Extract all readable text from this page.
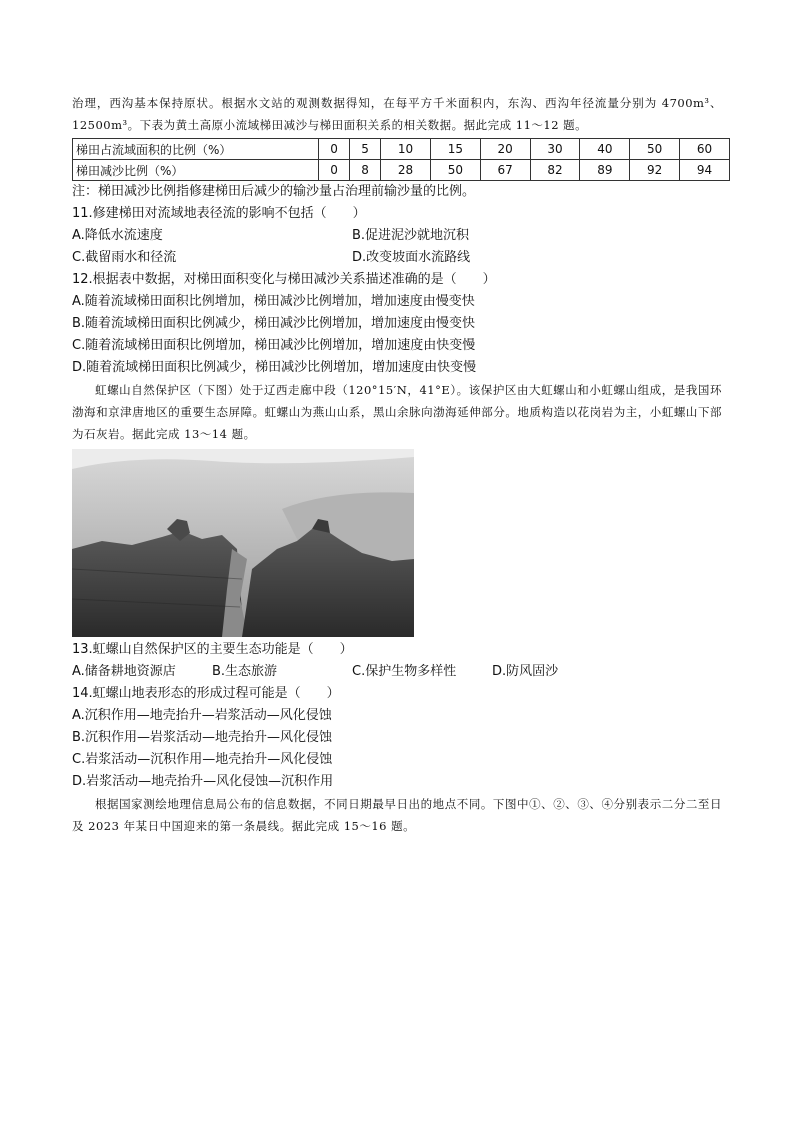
治理，西沟基本保持原状。根据水文站的观测数据得知，在每平方千米面积内，东沟、西沟年径流量分别为 4700m³、12500m³。下表为黄土高原小流域梯田减沙与梯田面积关系的相关数据。据此完成 11～12 题。
梯田占流域面积的比例（%）	0	5	10	15	20	30	40	50	60
梯田减沙比例（%）	0	8	28	50	67	82	89	92	94
注：梯田减沙比例指修建梯田后减少的输沙量占治理前输沙量的比例。
11.修建梯田对流域地表径流的影响不包括（　　）
A.降低水流速度	B.促进泥沙就地沉积
C.截留雨水和径流	D.改变坡面水流路线
12.根据表中数据，对梯田面积变化与梯田减沙关系描述准确的是（　　）
A.随着流域梯田面积比例增加，梯田减沙比例增加，增加速度由慢变快
B.随着流域梯田面积比例减少，梯田减沙比例增加，增加速度由慢变快
C.随着流域梯田面积比例增加，梯田减沙比例增加，增加速度由快变慢
D.随着流域梯田面积比例减少，梯田减沙比例增加，增加速度由快变慢
虹螺山自然保护区（下图）处于辽西走廊中段（120°15′N，41°E）。该保护区由大虹螺山和小虹螺山组成，是我国环渤海和京津唐地区的重要生态屏障。虹螺山为燕山山系，黑山余脉向渤海延伸部分。地质构造以花岗岩为主，小虹螺山下部为石灰岩。据此完成 13～14 题。
13.虹螺山自然保护区的主要生态功能是（　　）
A.储备耕地资源店	B.生态旅游	C.保护生物多样性	D.防风固沙
14.虹螺山地表形态的形成过程可能是（　　）
A.沉积作用—地壳抬升—岩浆活动—风化侵蚀
B.沉积作用—岩浆活动—地壳抬升—风化侵蚀
C.岩浆活动—沉积作用—地壳抬升—风化侵蚀
D.岩浆活动—地壳抬升—风化侵蚀—沉积作用
根据国家测绘地理信息局公布的信息数据，不同日期最早日出的地点不同。下图中①、②、③、④分别表示二分二至日及 2023 年某日中国迎来的第一条晨线。据此完成 15～16 题。
